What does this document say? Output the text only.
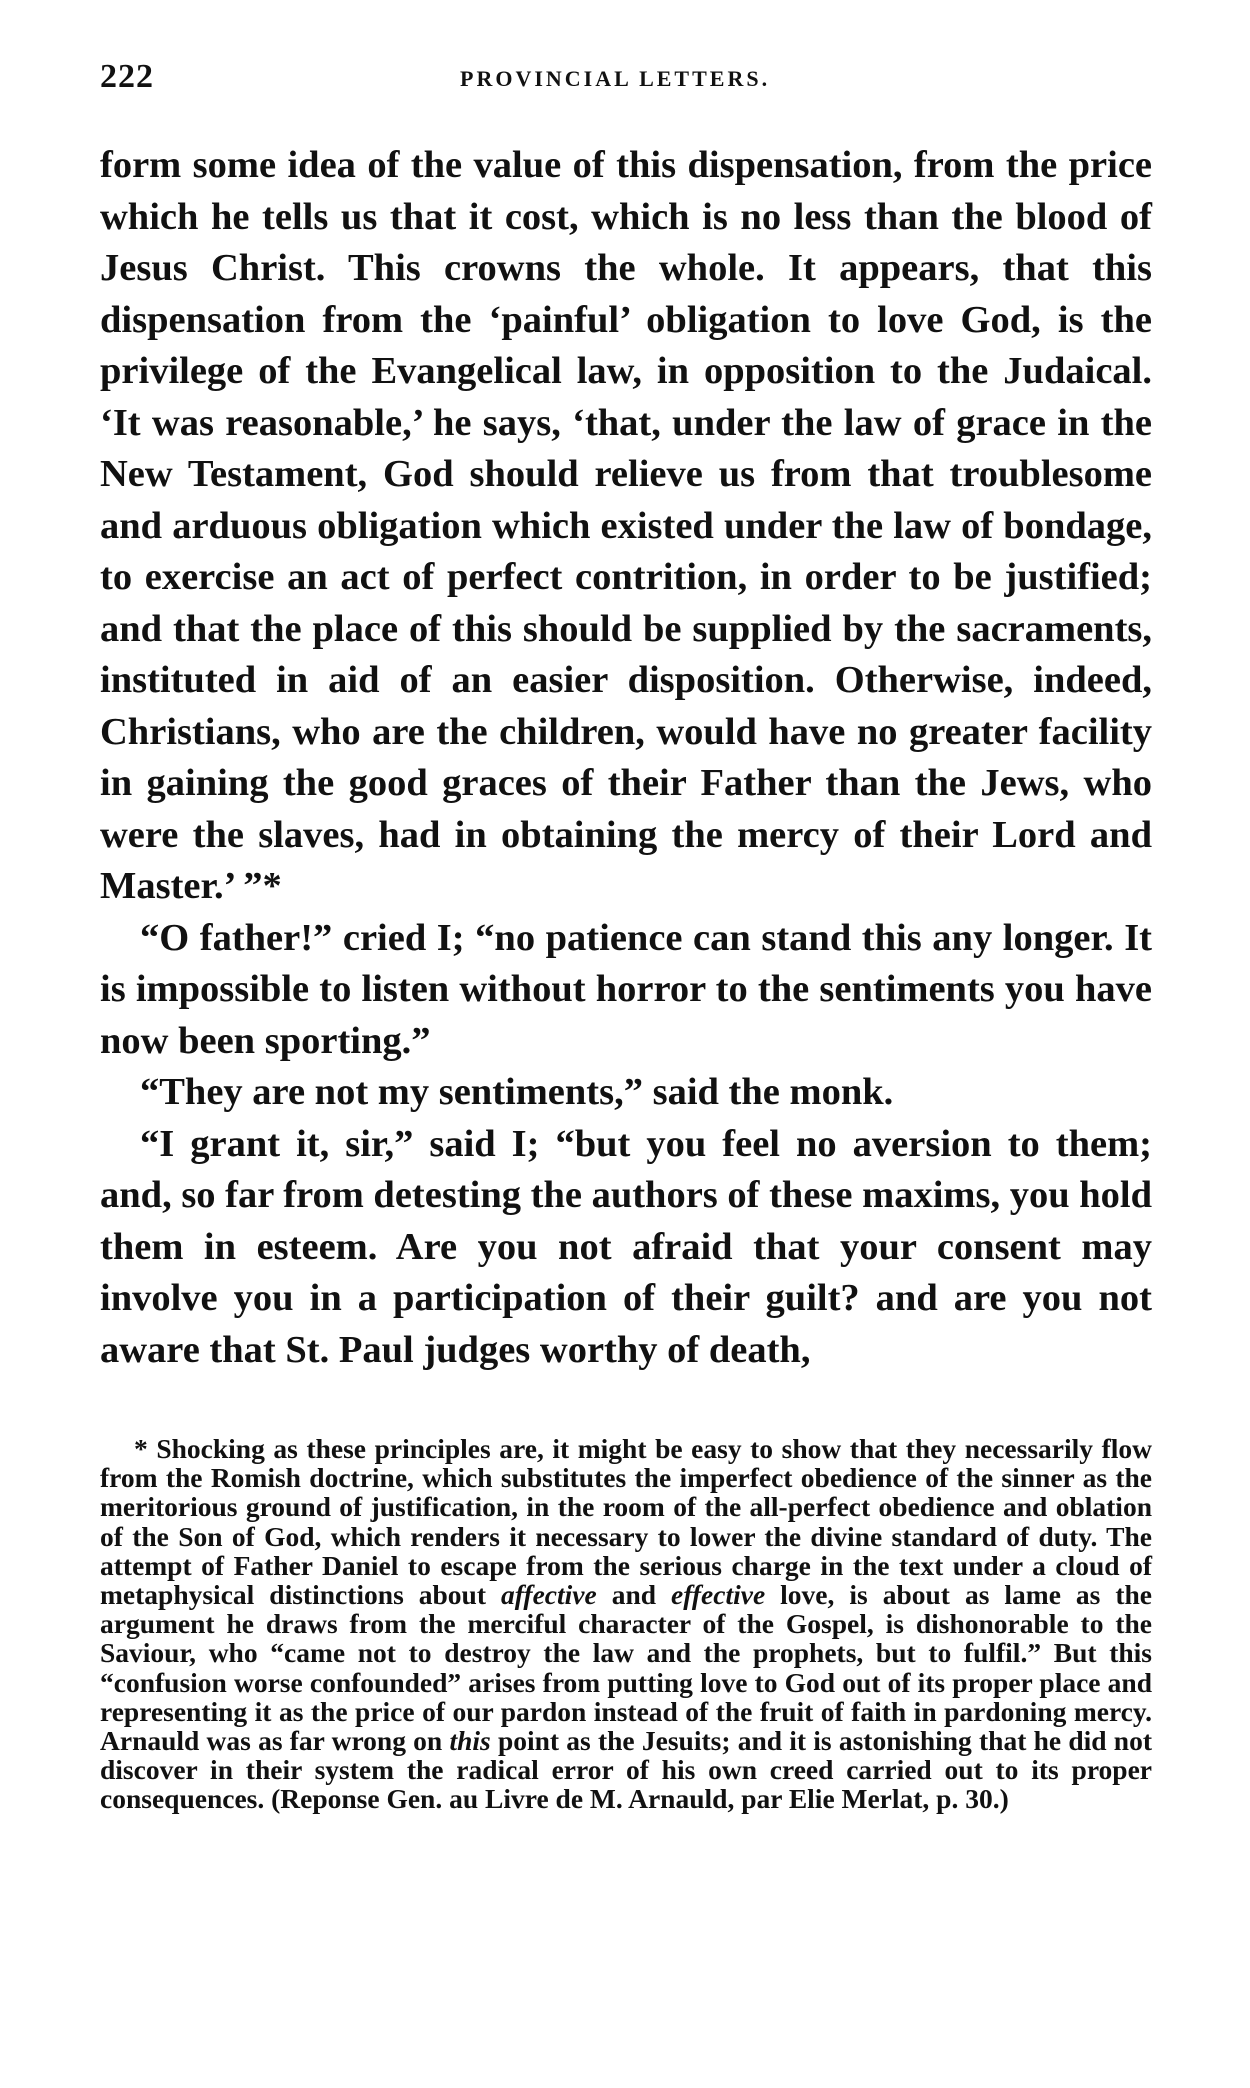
222	PROVINCIAL LETTERS.

form some idea of the value of this dispensation, from the price which he tells us that it cost, which is no less than the blood of Jesus Christ. This crowns the whole. It appears, that this dispensation from the ‘painful’ obligation to love God, is the privilege of the Evangelical law, in opposition to the Judaical. ‘It was reasonable,’ he says, ‘that, under the law of grace in the New Testament, God should relieve us from that troublesome and arduous obligation which existed under the law of bondage, to exercise an act of perfect contrition, in order to be justified; and that the place of this should be supplied by the sacraments, instituted in aid of an easier disposition. Otherwise, indeed, Christians, who are the children, would have no greater facility in gaining the good graces of their Father than the Jews, who were the slaves, had in obtaining the mercy of their Lord and Master.’ ”*

“O father!” cried I; “no patience can stand this any longer. It is impossible to listen without horror to the sentiments you have now been sporting.”

“They are not my sentiments,” said the monk.

“I grant it, sir,” said I; “but you feel no aversion to them; and, so far from detesting the authors of these maxims, you hold them in esteem. Are you not afraid that your consent may involve you in a participation of their guilt? and are you not aware that St. Paul judges worthy of death,

* Shocking as these principles are, it might be easy to show that they necessarily flow from the Romish doctrine, which substitutes the imperfect obedience of the sinner as the meritorious ground of justification, in the room of the all-perfect obedience and oblation of the Son of God, which renders it necessary to lower the divine standard of duty. The attempt of Father Daniel to escape from the serious charge in the text under a cloud of metaphysical distinctions about affective and effective love, is about as lame as the argument he draws from the merciful character of the Gospel, is dishonorable to the Saviour, who “came not to destroy the law and the prophets, but to fulfil.” But this “confusion worse confounded” arises from putting love to God out of its proper place and representing it as the price of our pardon instead of the fruit of faith in pardoning mercy. Arnauld was as far wrong on this point as the Jesuits; and it is astonishing that he did not discover in their system the radical error of his own creed carried out to its proper consequences. (Reponse Gen. au Livre de M. Arnauld, par Elie Merlat, p. 30.)
